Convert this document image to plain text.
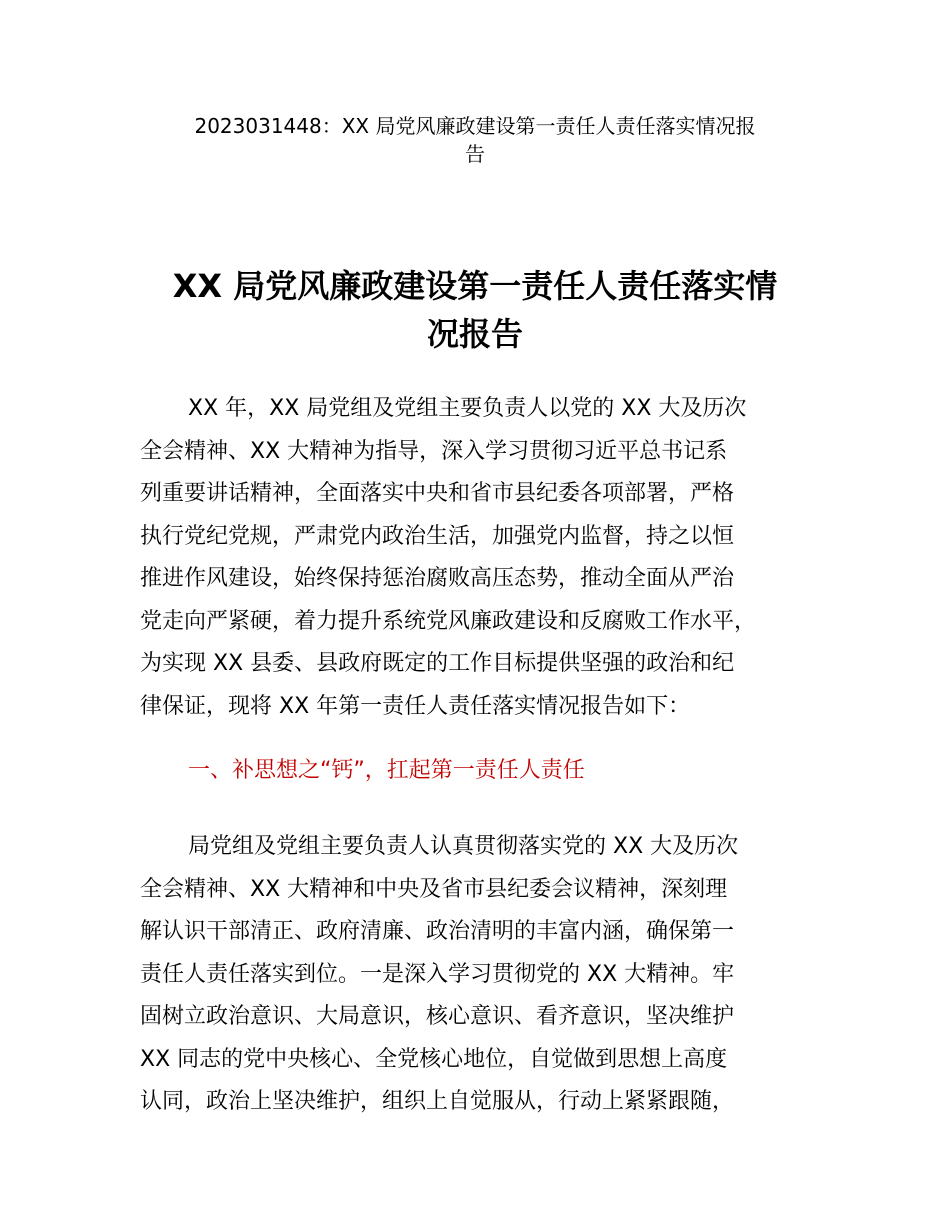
2023031448：XX 局党风廉政建设第一责任人责任落实情况报
告
XX 局党风廉政建设第一责任人责任落实情
况报告
XX 年，XX 局党组及党组主要负责人以党的 XX 大及历次
全会精神、XX 大精神为指导，深入学习贯彻习近平总书记系
列重要讲话精神，全面落实中央和省市县纪委各项部署，严格
执行党纪党规，严肃党内政治生活，加强党内监督，持之以恒
推进作风建设，始终保持惩治腐败高压态势，推动全面从严治
党走向严紧硬，着力提升系统党风廉政建设和反腐败工作水平，
为实现 XX 县委、县政府既定的工作目标提供坚强的政治和纪
律保证，现将 XX 年第一责任人责任落实情况报告如下：
一、补思想之“钙”，扛起第一责任人责任
局党组及党组主要负责人认真贯彻落实党的 XX 大及历次
全会精神、XX 大精神和中央及省市县纪委会议精神，深刻理
解认识干部清正、政府清廉、政治清明的丰富内涵，确保第一
责任人责任落实到位。一是深入学习贯彻党的 XX 大精神。牢
固树立政治意识、大局意识，核心意识、看齐意识，坚决维护
XX 同志的党中央核心、全党核心地位，自觉做到思想上高度
认同，政治上坚决维护，组织上自觉服从，行动上紧紧跟随，
